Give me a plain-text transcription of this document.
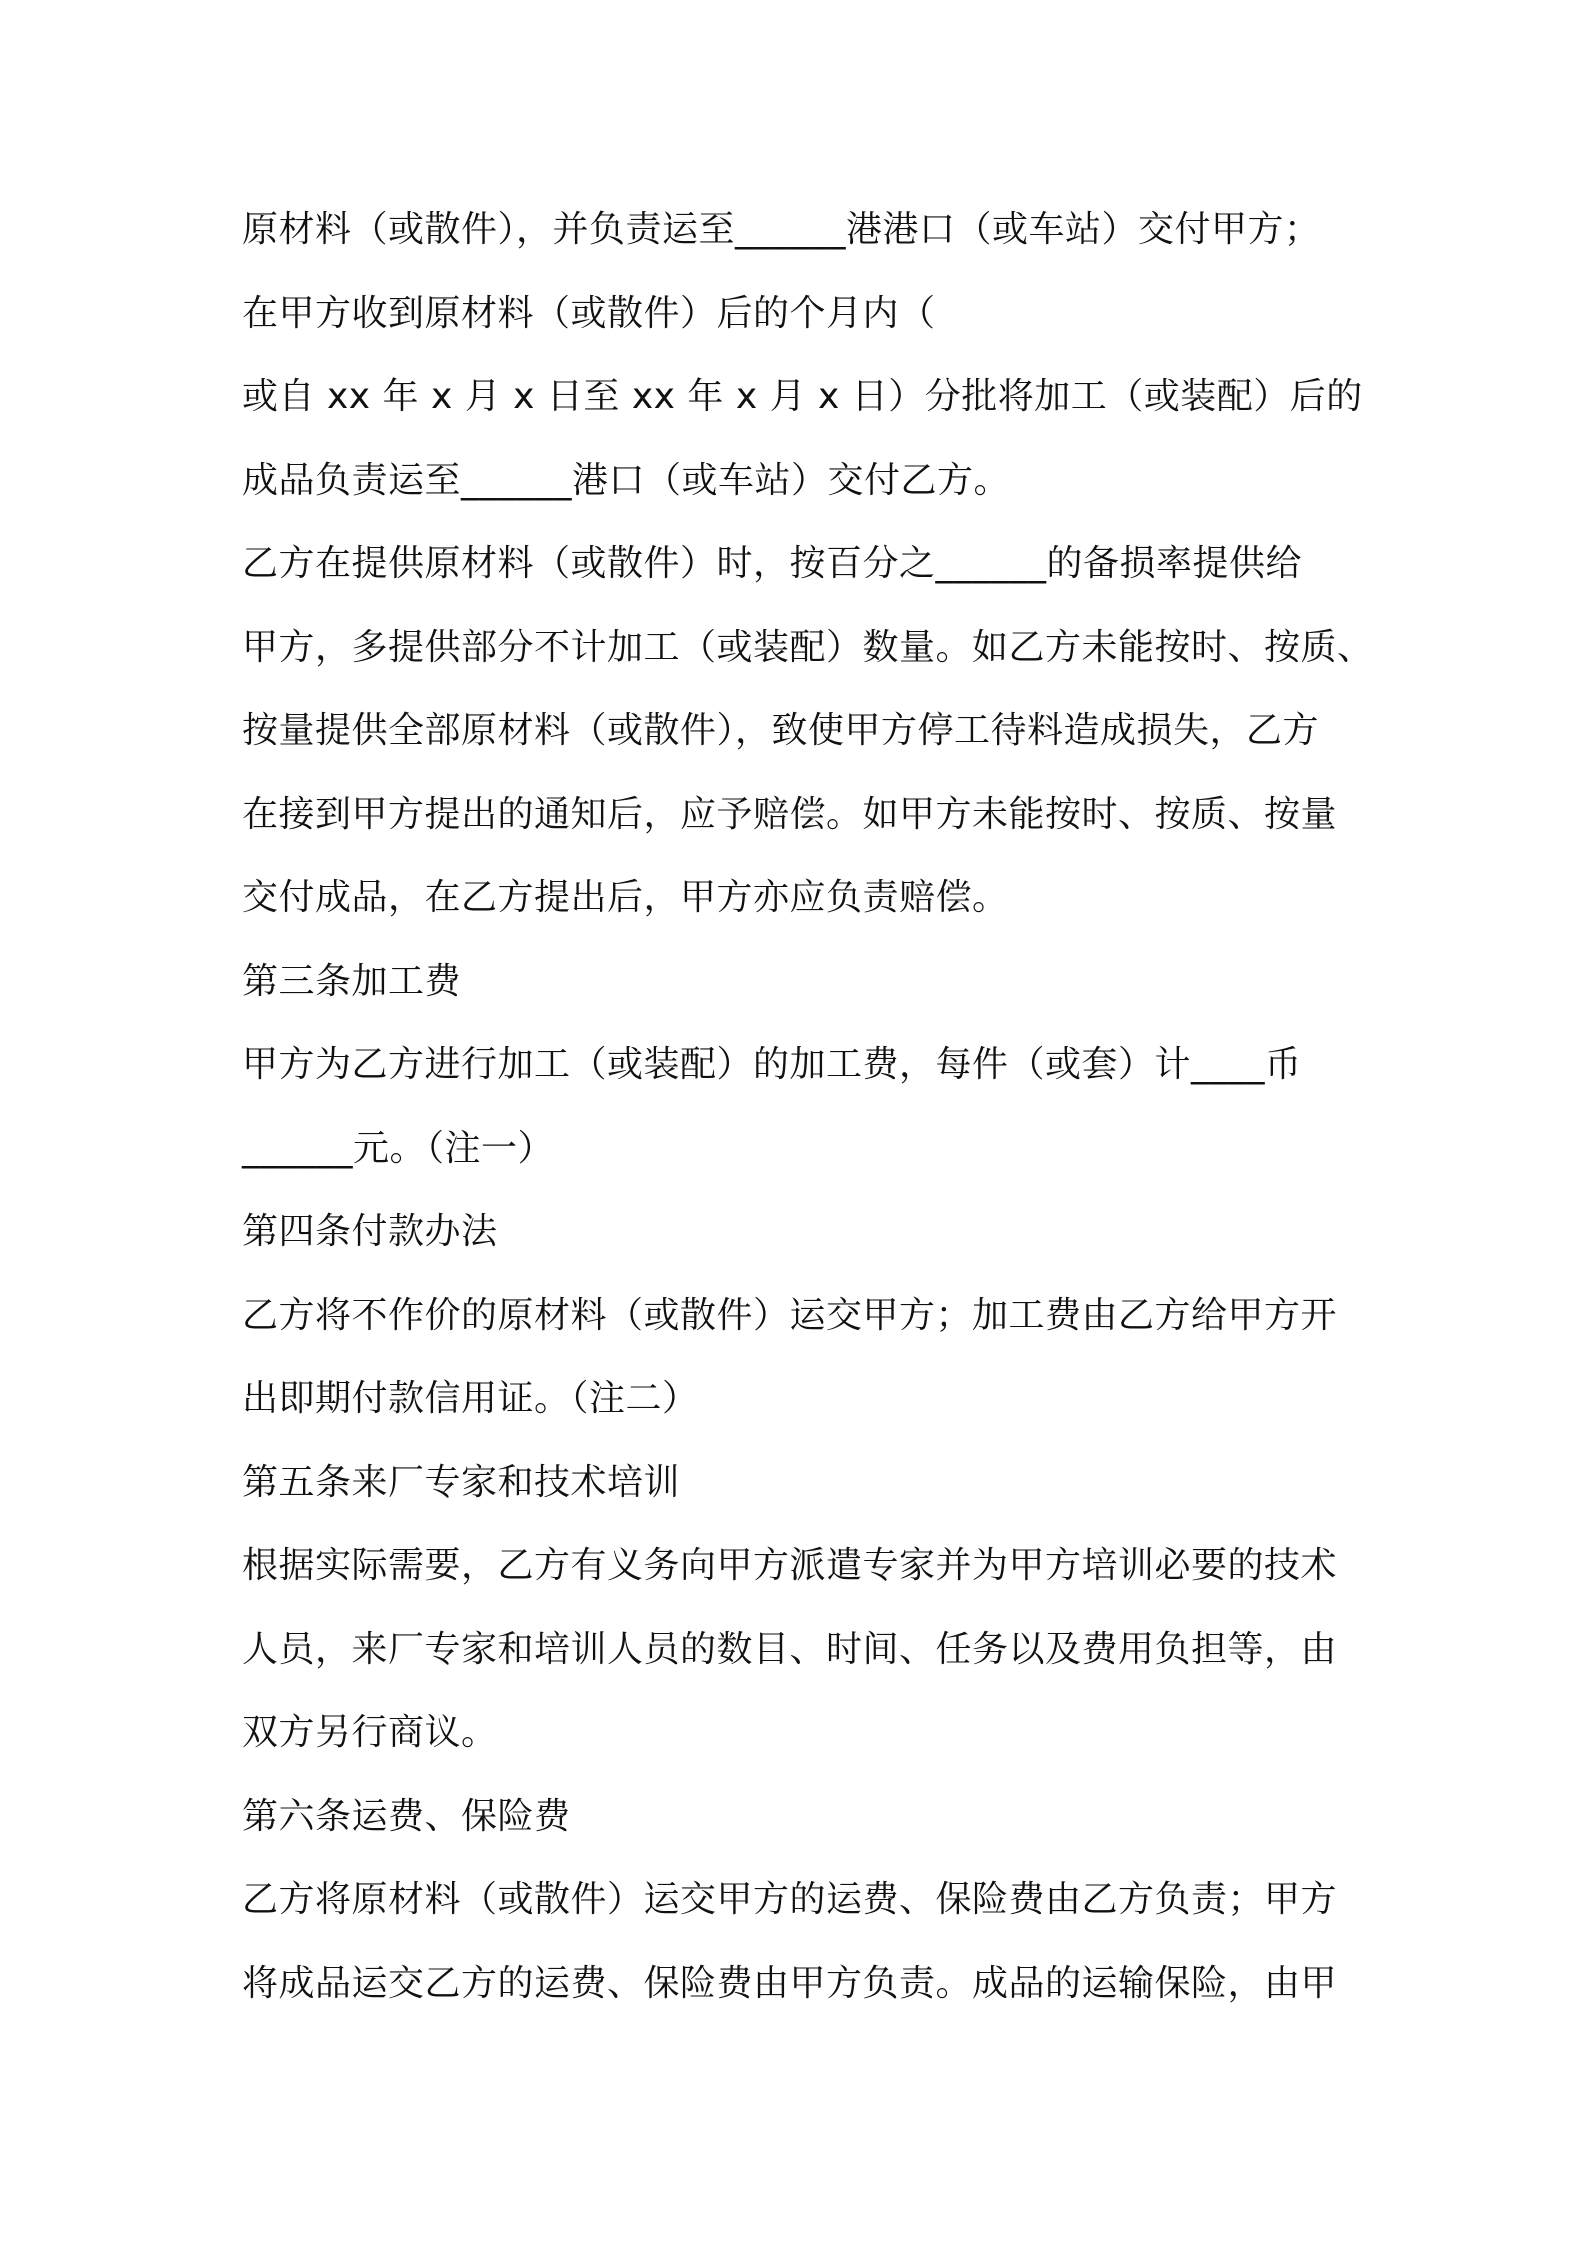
原材料（或散件），并负责运至______港港口（或车站）交付甲方；
在甲方收到原材料（或散件）后的个月内（
或自 xx 年 x 月 x 日至 xx 年 x 月 x 日）分批将加工（或装配）后的
成品负责运至______港口（或车站）交付乙方。
乙方在提供原材料（或散件）时，按百分之______的备损率提供给
甲方，多提供部分不计加工（或装配）数量。如乙方未能按时、按质、
按量提供全部原材料（或散件），致使甲方停工待料造成损失，乙方
在接到甲方提出的通知后，应予赔偿。如甲方未能按时、按质、按量
交付成品，在乙方提出后，甲方亦应负责赔偿。
第三条加工费
甲方为乙方进行加工（或装配）的加工费，每件（或套）计____币
______元。（注一）
第四条付款办法
乙方将不作价的原材料（或散件）运交甲方；加工费由乙方给甲方开
出即期付款信用证。（注二）
第五条来厂专家和技术培训
根据实际需要，乙方有义务向甲方派遣专家并为甲方培训必要的技术
人员，来厂专家和培训人员的数目、时间、任务以及费用负担等，由
双方另行商议。
第六条运费、保险费
乙方将原材料（或散件）运交甲方的运费、保险费由乙方负责；甲方
将成品运交乙方的运费、保险费由甲方负责。成品的运输保险，由甲
